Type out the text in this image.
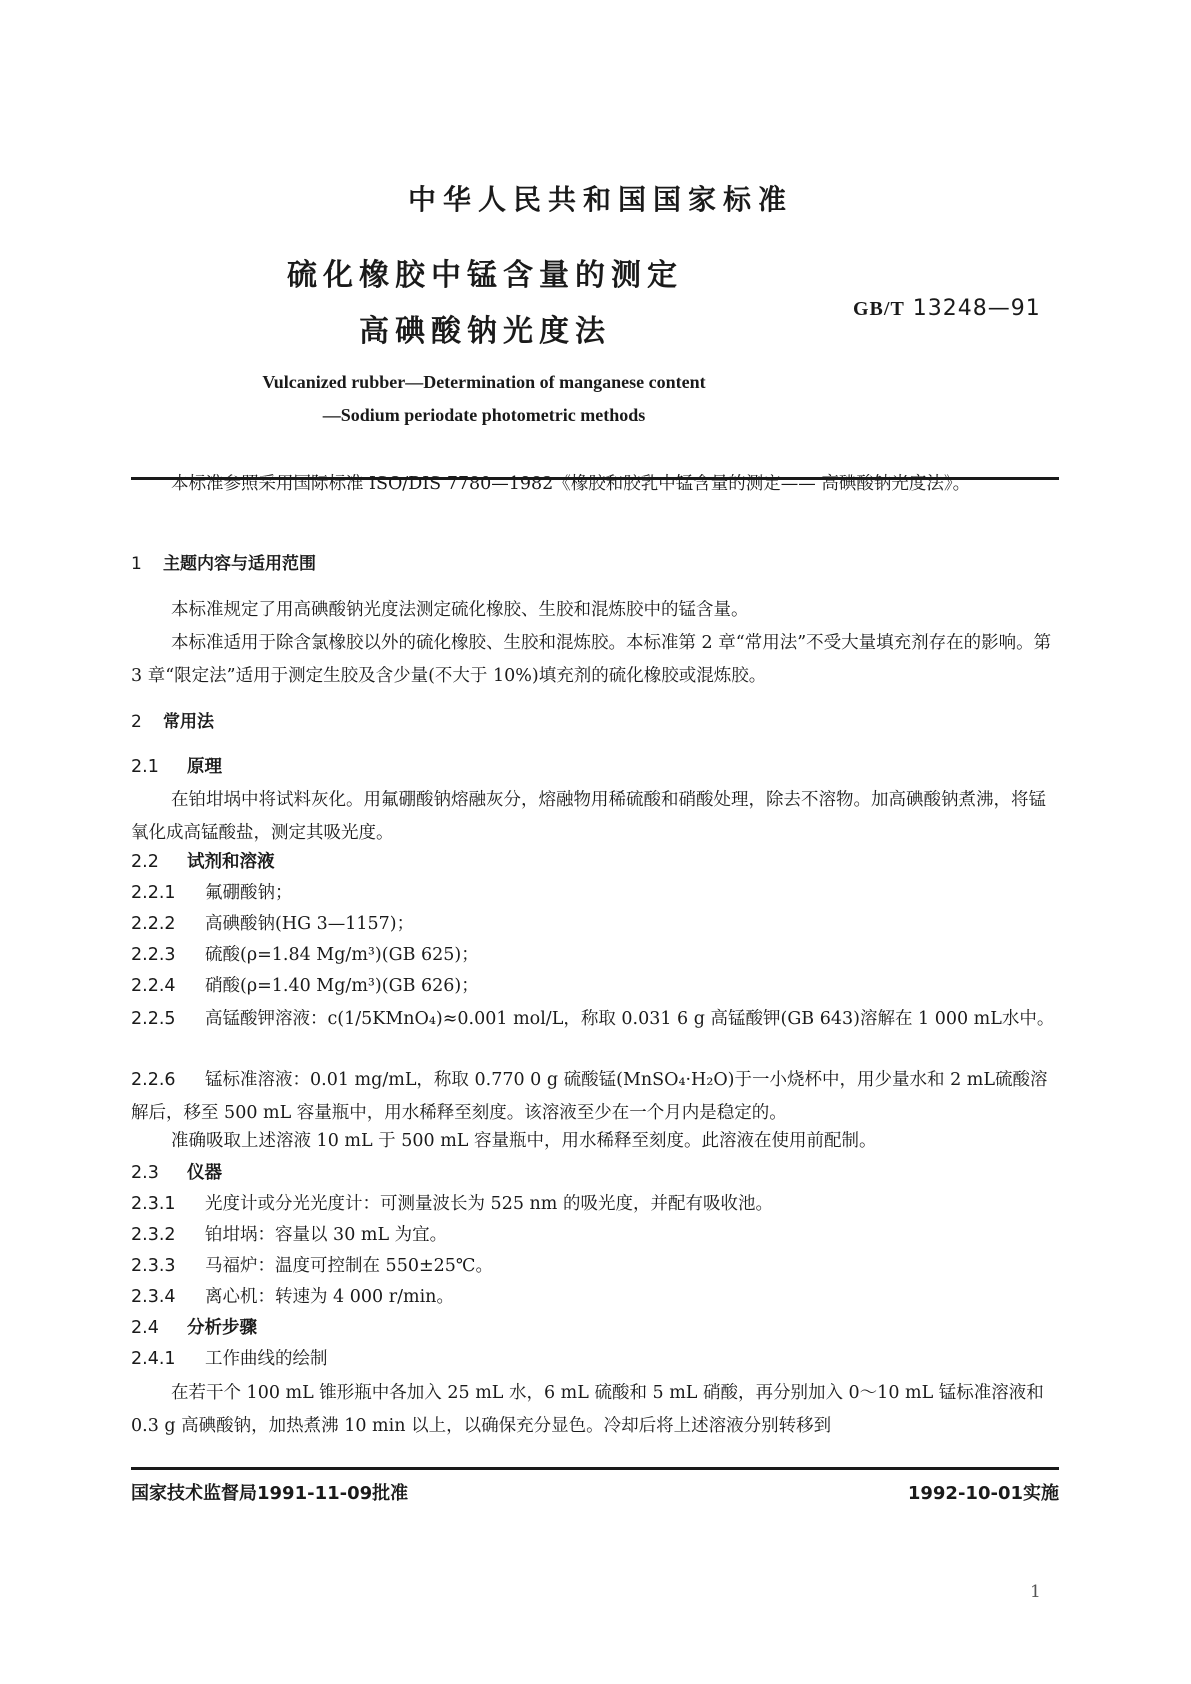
中华人民共和国国家标准
硫化橡胶中锰含量的测定
高碘酸钠光度法
GB/T 13248—91
Vulcanized rubber—Determination of manganese content
—Sodium periodate photometric methods
本标准参照采用国际标准 ISO/DIS 7780—1982《橡胶和胶乳中锰含量的测定—— 高碘酸钠光度法》。
1 主题内容与适用范围
本标准规定了用高碘酸钠光度法测定硫化橡胶、生胶和混炼胶中的锰含量。
本标准适用于除含氯橡胶以外的硫化橡胶、生胶和混炼胶。本标准第 2 章“常用法”不受大量填充剂存在的影响。第 3 章“限定法”适用于测定生胶及含少量(不大于 10%)填充剂的硫化橡胶或混炼胶。
2 常用法
2.1 原理
在铂坩埚中将试料灰化。用氟硼酸钠熔融灰分，熔融物用稀硫酸和硝酸处理，除去不溶物。加高碘酸钠煮沸，将锰氧化成高锰酸盐，测定其吸光度。
2.2 试剂和溶液
2.2.1 氟硼酸钠；
2.2.2 高碘酸钠(HG 3—1157)；
2.2.3 硫酸(ρ=1.84 Mg/m³)(GB 625)；
2.2.4 硝酸(ρ=1.40 Mg/m³)(GB 626)；
2.2.5 高锰酸钾溶液：c(1/5KMnO₄)≈0.001 mol/L，称取 0.031 6 g 高锰酸钾(GB 643)溶解在 1 000 mL水中。
2.2.6 锰标准溶液：0.01 mg/mL，称取 0.770 0 g 硫酸锰(MnSO₄·H₂O)于一小烧杯中，用少量水和 2 mL硫酸溶解后，移至 500 mL 容量瓶中，用水稀释至刻度。该溶液至少在一个月内是稳定的。
准确吸取上述溶液 10 mL 于 500 mL 容量瓶中，用水稀释至刻度。此溶液在使用前配制。
2.3 仪器
2.3.1 光度计或分光光度计：可测量波长为 525 nm 的吸光度，并配有吸收池。
2.3.2 铂坩埚：容量以 30 mL 为宜。
2.3.3 马福炉：温度可控制在 550±25℃。
2.3.4 离心机：转速为 4 000 r/min。
2.4 分析步骤
2.4.1 工作曲线的绘制
在若干个 100 mL 锥形瓶中各加入 25 mL 水，6 mL 硫酸和 5 mL 硝酸，再分别加入 0～10 mL 锰标准溶液和 0.3 g 高碘酸钠，加热煮沸 10 min 以上，以确保充分显色。冷却后将上述溶液分别转移到
国家技术监督局1991-11-09批准	1992-10-01实施
1
